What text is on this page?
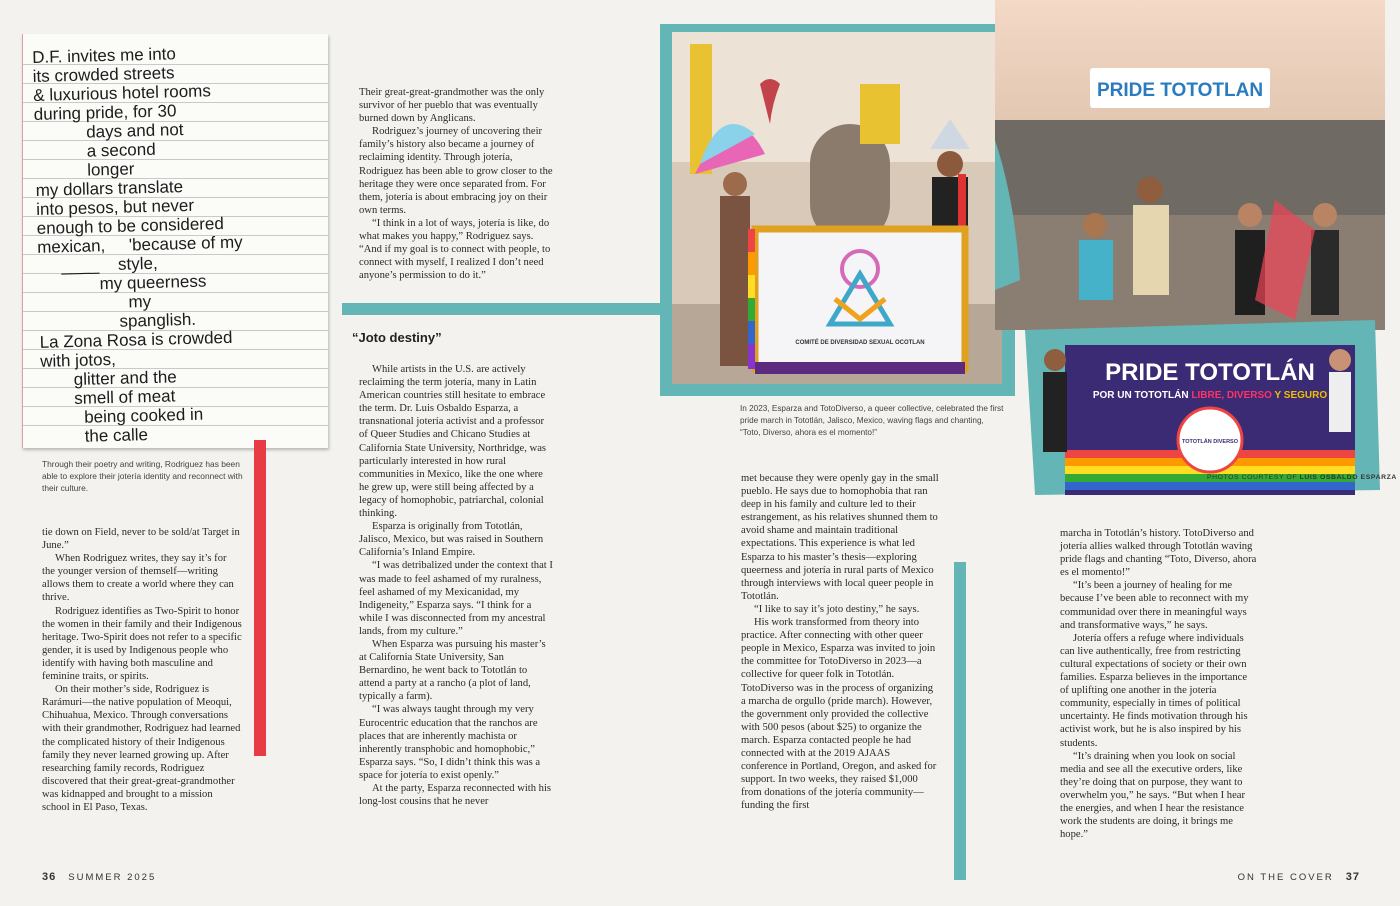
D.F. invites me into
its crowded streets
& luxurious hotel rooms
during pride, for 30
days and not
a second
longer
my dollars translate
into pesos, but never
enough to be considered
mexican,     'because of my
____    style,
my queerness
my
spanglish.
La Zona Rosa is crowded
with jotos,
glitter and the
smell of meat
being cooked in
the calle
Through their poetry and writing, Rodriguez has been able to explore their jotería identity and reconnect with their culture.

tie down on Field, never to be sold/at Target in June.”

When Rodriguez writes, they say it’s for the younger version of themself—writing allows them to create a world where they can thrive.

Rodriguez identifies as Two-Spirit to honor the women in their family and their Indigenous heritage. Two-Spirit does not refer to a specific gender, it is used by Indigenous people who identify with having both masculine and feminine traits, or spirits.

On their mother’s side, Rodriguez is Rarámuri—the native population of Meoqui, Chihuahua, Mexico. Through conversations with their grandmother, Rodriguez had learned the complicated history of their Indigenous family they never learned growing up. After researching family records, Rodriguez discovered that their great-great-grandmother was kidnapped and brought to a mission school in El Paso, Texas.

Their great-great-grandmother was the only survivor of her pueblo that was eventually burned down by Anglicans.

Rodriguez’s journey of uncovering their family’s history also became a journey of reclaiming identity. Through jotería, Rodriguez has been able to grow closer to the heritage they were once separated from. For them, jotería is about embracing joy on their own terms.

“I think in a lot of ways, jotería is like, do what makes you happy,” Rodriguez says. “And if my goal is to connect with people, to connect with myself, I realized I don’t need anyone’s permission to do it.”

“Joto destiny”

While artists in the U.S. are actively reclaiming the term jotería, many in Latin American countries still hesitate to embrace the term. Dr. Luis Osbaldo Esparza, a transnational jotería activist and a professor of Queer Studies and Chicano Studies at California State University, Northridge, was particularly interested in how rural communities in Mexico, like the one where he grew up, were still being affected by a legacy of homophobic, patriarchal, colonial thinking.

Esparza is originally from Tototlán, Jalisco, Mexico, but was raised in Southern California’s Inland Empire.

“I was detribalized under the context that I was made to feel ashamed of my ruralness, feel ashamed of my Mexicanidad, my Indigeneity,” Esparza says. “I think for a while I was disconnected from my ancestral lands, from my culture.”

When Esparza was pursuing his master’s at California State University, San Bernardino, he went back to Tototlán to attend a party at a rancho (a plot of land, typically a farm).

“I was always taught through my very Eurocentric education that the ranchos are places that are inherently machista or inherently transphobic and homophobic,” Esparza says. “So, I didn’t think this was a space for jotería to exist openly.”

At the party, Esparza reconnected with his long-lost cousins that he never

COMITÉ DE DIVERSIDAD SEXUAL OCOTLAN
In 2023, Esparza and TotoDiverso, a queer collective, celebrated the first pride march in Tototlán, Jalisco, Mexico, waving flags and chanting, “Toto, Diverso, ahora es el momento!”
PRIDE TOTOTLAN
PRIDE TOTOTLÁN
POR UN TOTOTLÁN LIBRE, DIVERSO Y SEGURO
TOTOTLÁN DIVERSO
PHOTOS COURTESY OF LUIS OSBALDO ESPARZA

met because they were openly gay in the small pueblo. He says due to homophobia that ran deep in his family and culture led to their estrangement, as his relatives shunned them to avoid shame and maintain traditional expectations. This experience is what led Esparza to his master’s thesis—exploring queerness and jotería in rural parts of Mexico through interviews with local queer people in Tototlán.

“I like to say it’s joto destiny,” he says.

His work transformed from theory into practice. After connecting with other queer people in Mexico, Esparza was invited to join the committee for TotoDiverso in 2023—a collective for queer folk in Tototlán. TotoDiverso was in the process of organizing a marcha de orgullo (pride march). However, the government only provided the collective with 500 pesos (about $25) to organize the march. Esparza contacted people he had connected with at the 2019 AJAAS conference in Portland, Oregon, and asked for support. In two weeks, they raised $1,000 from donations of the jotería community—funding the first

marcha in Tototlán’s history. TotoDiverso and jotería allies walked through Tototlán waving pride flags and chanting “Toto, Diverso, ahora es el momento!”

“It’s been a journey of healing for me because I’ve been able to reconnect with my communidad over there in meaningful ways and transformative ways,” he says.

Jotería offers a refuge where individuals can live authentically, free from restricting cultural expectations of society or their own families. Esparza believes in the importance of uplifting one another in the jotería community, especially in times of political uncertainty. He finds motivation through his activist work, but he is also inspired by his students.

“It’s draining when you look on social media and see all the executive orders, like they’re doing that on purpose, they want to overwhelm you,” he says. “But when I hear the energies, and when I hear the resistance work the students are doing, it brings me hope.”

36 SUMMER 2025	ON THE COVER 37
